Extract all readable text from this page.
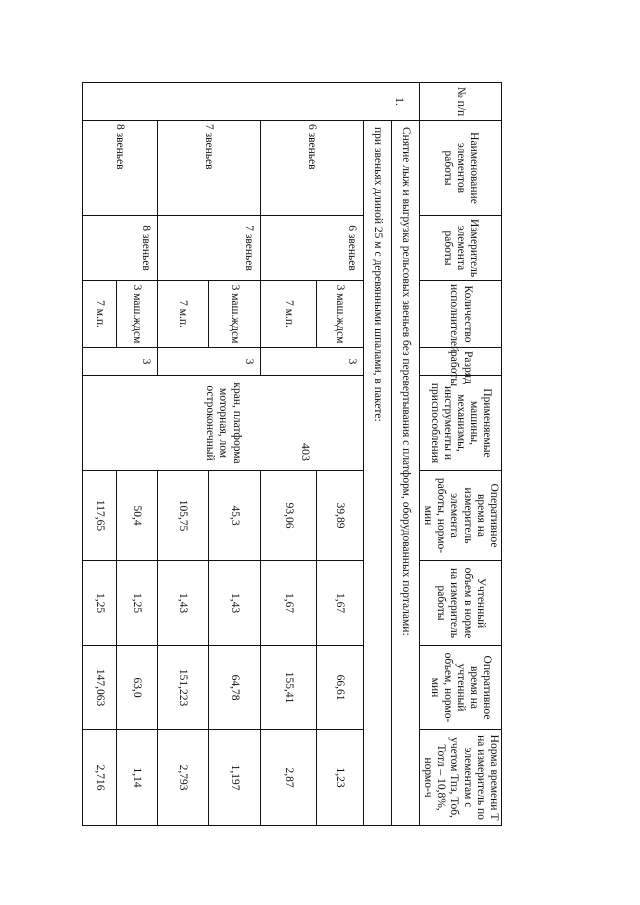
403
№ п/п	Наименование элементов работы	Измеритель элемента работы	Количество исполнителей	Разряд работы	Применяемые машины, механизмы, инструменты и приспособления	Оперативное время на измеритель элемента работы, нормо-мин	Учтенный объем в норме на измеритель работы	Оперативное время на учтенный объем, нормо-мин	Норма времени Т на измеритель по элементам с учетом Тпз, Тоб, Тотл – 10,8%, нормо-ч
1.	Снятие лыж и выгрузка рельсовых звеньев без перевертывания с платформ, оборудованных порталами:								
	при звеньях длиной 25 м с деревянными шпалами, в пакете:								
	6 звеньев	6 звеньев	3 маш.ждсм	3	кран, платформа моторная, лом остроконечный	39,89	1,67	66,61	1,23
			7 м.п.			93,06	1,67	155,41	2,87
	7 звеньев	7 звеньев	3 маш.ждсм	3		45,3	1,43	64,78	1,197
			7 м.п.			105,75	1,43	151,223	2,793
	8 звеньев	8 звеньев	3 маш.ждсм	3		50,4	1,25	63,0	1,14
			7 м.п.			117,65	1,25	147,063	2,716
